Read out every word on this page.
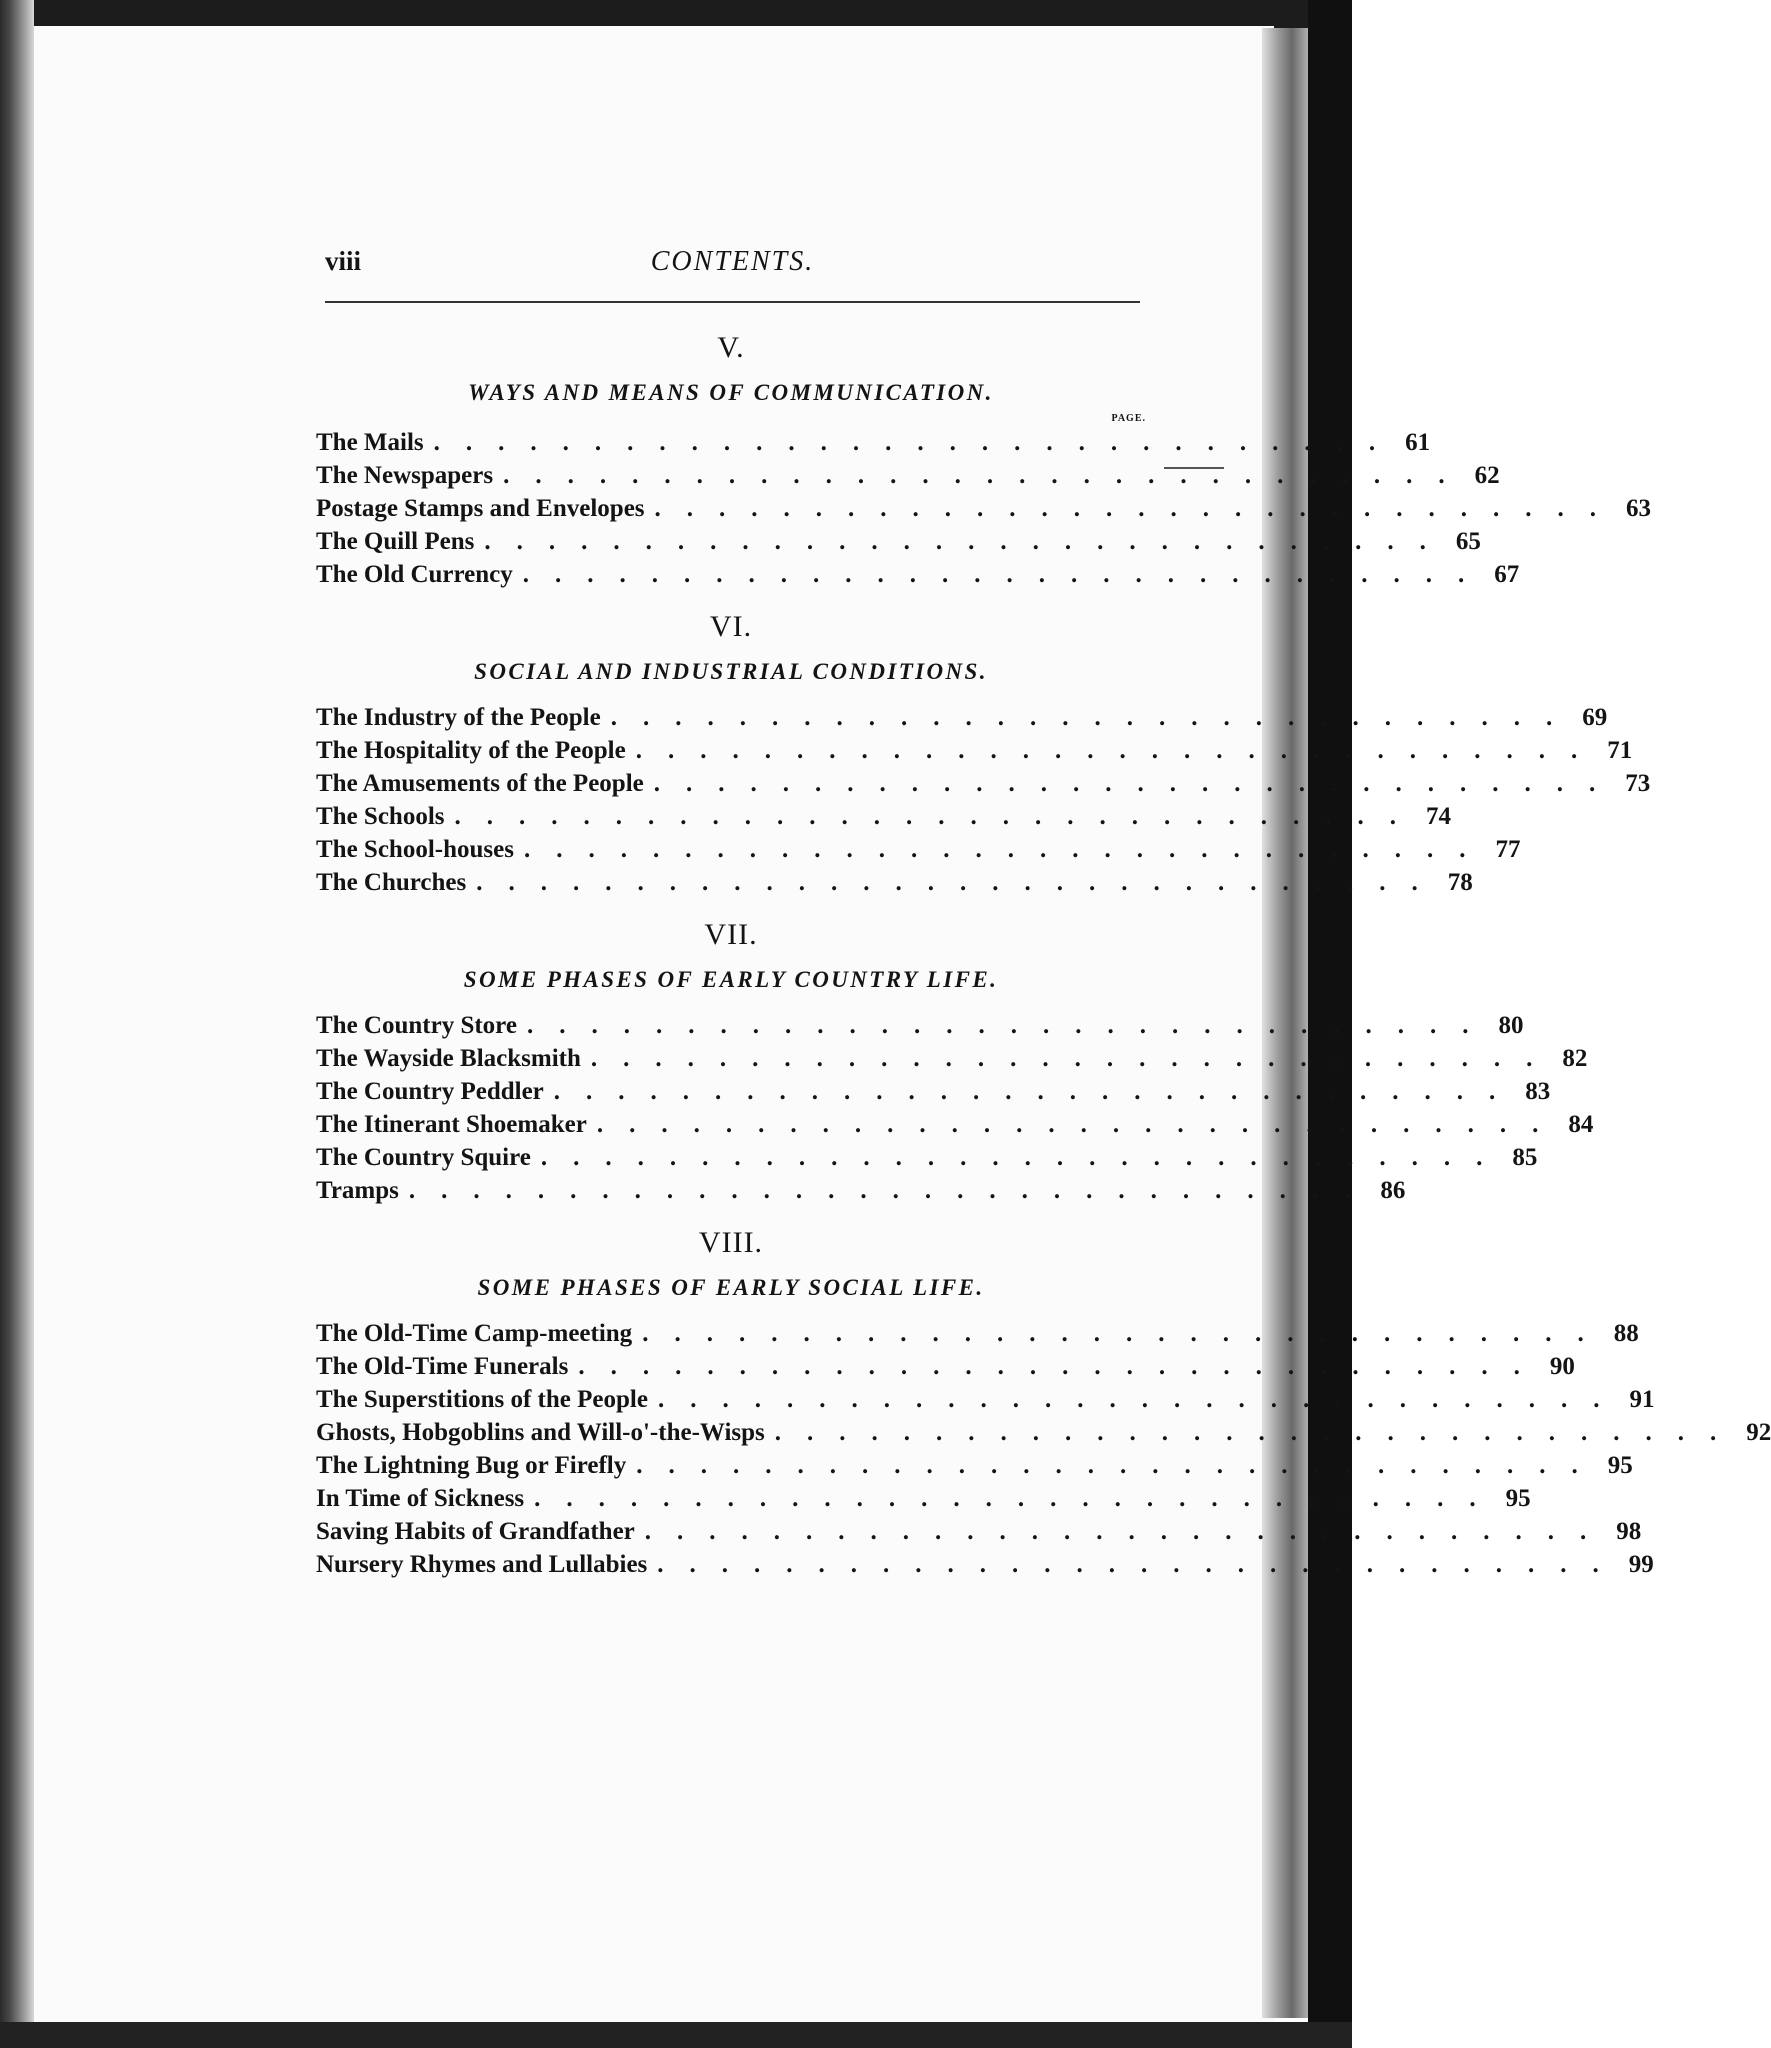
viii	CONTENTS.
V.
WAYS AND MEANS OF COMMUNICATION.
PAGE.
The Mails .............................. 61
The Newspapers .............................. 62
Postage Stamps and Envelopes .............................. 63
The Quill Pens .............................. 65
The Old Currency .............................. 67
VI.
SOCIAL AND INDUSTRIAL CONDITIONS.
The Industry of the People .............................. 69
The Hospitality of the People .............................. 71
The Amusements of the People .............................. 73
The Schools .............................. 74
The School-houses .............................. 77
The Churches .............................. 78
VII.
SOME PHASES OF EARLY COUNTRY LIFE.
The Country Store .............................. 80
The Wayside Blacksmith .............................. 82
The Country Peddler .............................. 83
The Itinerant Shoemaker .............................. 84
The Country Squire .............................. 85
Tramps .............................. 86
VIII.
SOME PHASES OF EARLY SOCIAL LIFE.
The Old-Time Camp-meeting .............................. 88
The Old-Time Funerals .............................. 90
The Superstitions of the People .............................. 91
Ghosts, Hobgoblins and Will-o'-the-Wisps .............................. 92
The Lightning Bug or Firefly .............................. 95
In Time of Sickness .............................. 95
Saving Habits of Grandfather .............................. 98
Nursery Rhymes and Lullabies .............................. 99
